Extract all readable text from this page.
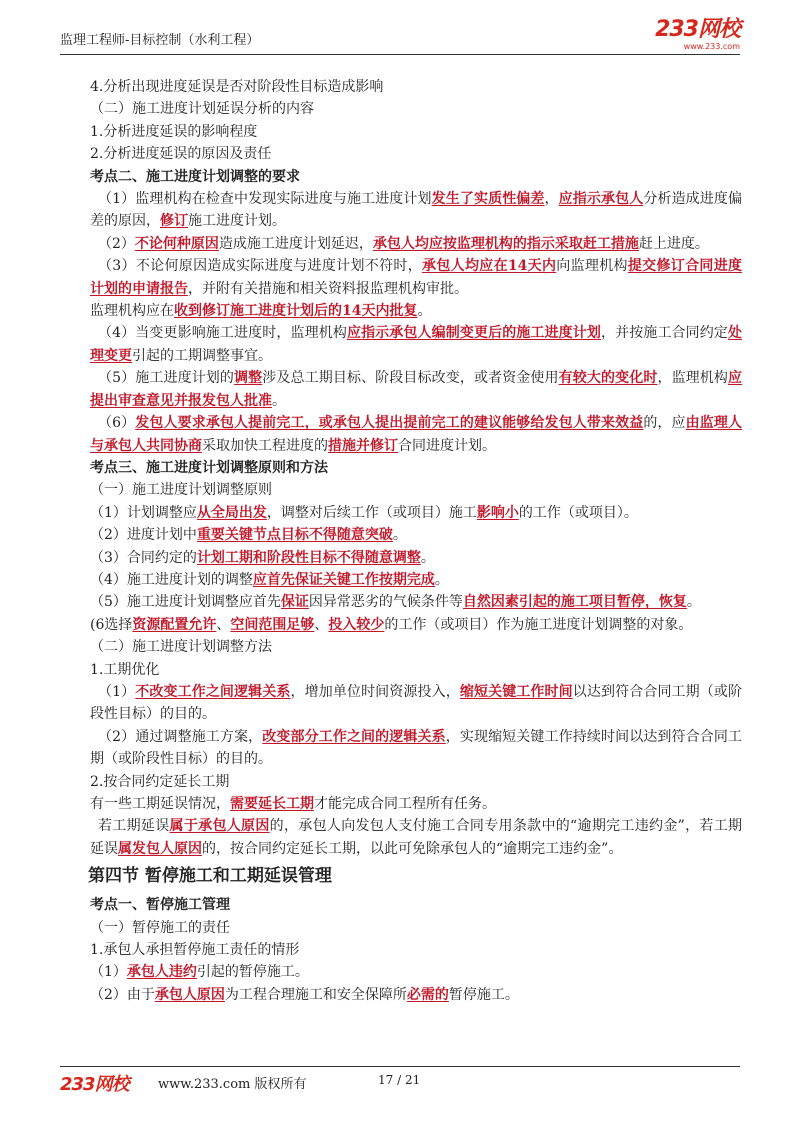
监理工程师-目标控制（水利工程）	233网校
www.233.com

4.分析出现进度延误是否对阶段性目标造成影响

（二）施工进度计划延误分析的内容

1.分析进度延误的影响程度

2.分析进度延误的原因及责任

考点二、施工进度计划调整的要求

（1）监理机构在检查中发现实际进度与施工进度计划发生了实质性偏差，应指示承包人分析造成进度偏差的原因，修订施工进度计划。

（2）不论何种原因造成施工进度计划延迟，承包人均应按监理机构的指示采取赶工措施赶上进度。

（3）不论何原因造成实际进度与进度计划不符时，承包人均应在14天内向监理机构提交修订合同进度计划的申请报告，并附有关措施和相关资料报监理机构审批。

监理机构应在收到修订施工进度计划后的14天内批复。

（4）当变更影响施工进度时，监理机构应指示承包人编制变更后的施工进度计划，并按施工合同约定处理变更引起的工期调整事宜。

（5）施工进度计划的调整涉及总工期目标、阶段目标改变，或者资金使用有较大的变化时，监理机构应提出审查意见并报发包人批准。

（6）发包人要求承包人提前完工，或承包人提出提前完工的建议能够给发包人带来效益的，应由监理人与承包人共同协商采取加快工程进度的措施并修订合同进度计划。

考点三、施工进度计划调整原则和方法

（一）施工进度计划调整原则

（1）计划调整应从全局出发，调整对后续工作（或项目）施工影响小的工作（或项目）。

（2）进度计划中重要关键节点目标不得随意突破。

（3）合同约定的计划工期和阶段性目标不得随意调整。

（4）施工进度计划的调整应首先保证关键工作按期完成。

（5）施工进度计划调整应首先保证因异常恶劣的气候条件等自然因素引起的施工项目暂停，恢复。

(6选择资源配置允许、空间范围足够、投入较少的工作（或项目）作为施工进度计划调整的对象。

（二）施工进度计划调整方法

1.工期优化

（1）不改变工作之间逻辑关系，增加单位时间资源投入，缩短关键工作时间以达到符合合同工期（或阶段性目标）的目的。

（2）通过调整施工方案，改变部分工作之间的逻辑关系，实现缩短关键工作持续时间以达到符合合同工期（或阶段性目标）的目的。

2.按合同约定延长工期

有一些工期延误情况，需要延长工期才能完成合同工程所有任务。

若工期延误属于承包人原因的，承包人向发包人支付施工合同专用条款中的“逾期完工违约金”，若工期延误属发包人原因的，按合同约定延长工期，以此可免除承包人的“逾期完工违约金”。

第四节 暂停施工和工期延误管理

考点一、暂停施工管理

（一）暂停施工的责任

1.承包人承担暂停施工责任的情形

（1）承包人违约引起的暂停施工。

（2）由于承包人原因为工程合理施工和安全保障所必需的暂停施工。

233网校 www.233.com 版权所有	17 / 21
